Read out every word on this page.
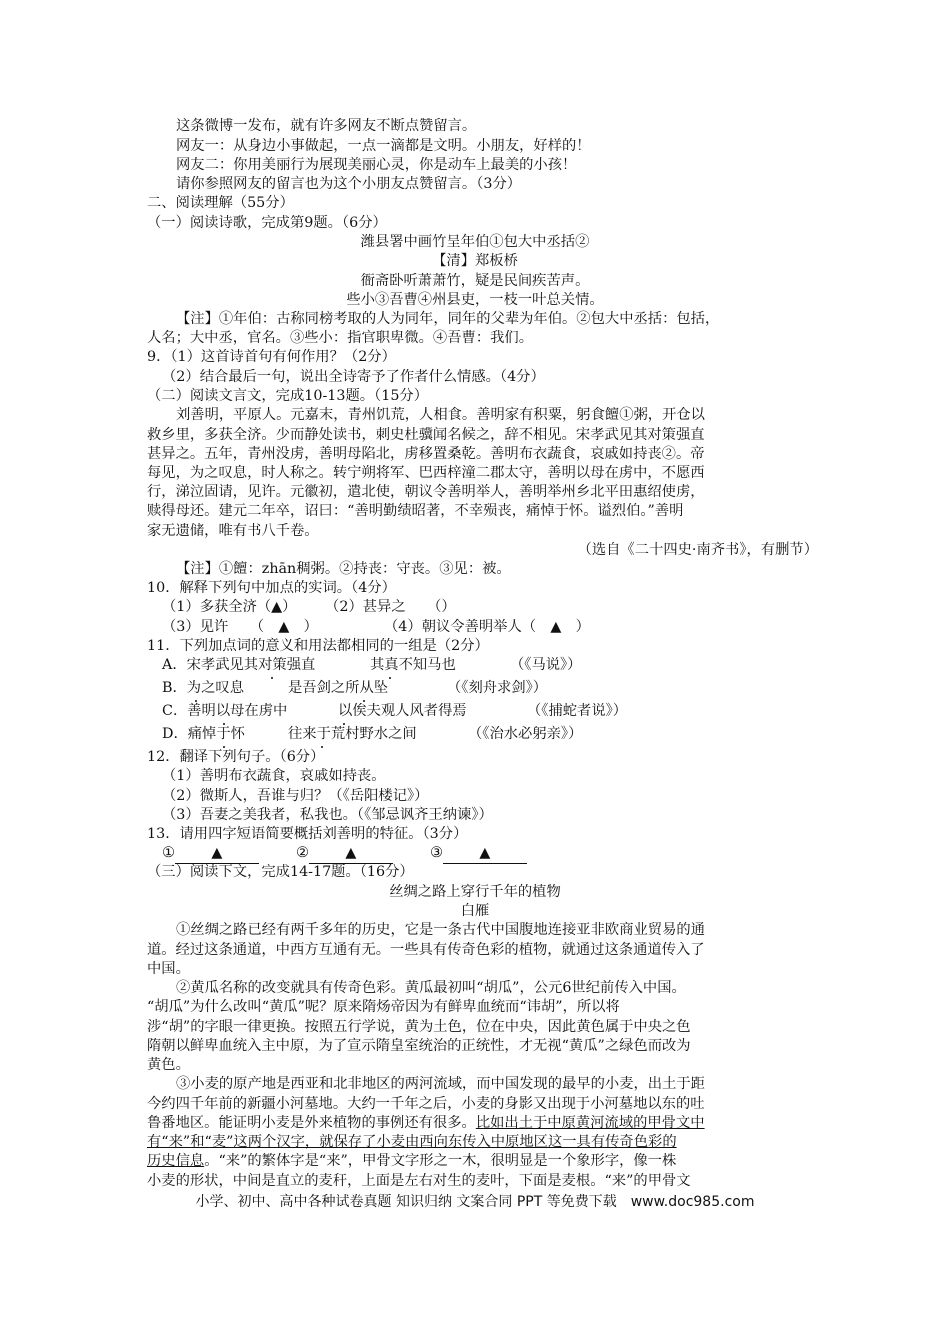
这条微博一发布，就有许多网友不断点赞留言。
网友一：从身边小事做起，一点一滴都是文明。小朋友，好样的！
网友二：你用美丽行为展现美丽心灵，你是动车上最美的小孩！
请你参照网友的留言也为这个小朋友点赞留言。（3分）
二、阅读理解（55分）
（一）阅读诗歌，完成第9题。（6分）
潍县署中画竹呈年伯①包大中丞括②
【清】郑板桥
衙斋卧听萧萧竹，疑是民间疾苦声。
些小③吾曹④州县吏，一枝一叶总关情。
【注】①年伯：古称同榜考取的人为同年，同年的父辈为年伯。②包大中丞括：包括，
人名；大中丞，官名。③些小：指官职卑微。④吾曹：我们。
9．（1）这首诗首句有何作用？（2分）
（2）结合最后一句，说出全诗寄予了作者什么情感。（4分）
（二）阅读文言文，完成10-13题。（15分）
刘善明，平原人。元嘉末，青州饥荒，人相食。善明家有积粟，躬食饘①粥，开仓以
救乡里，多获全济。少而静处读书，刺史杜骥闻名候之，辞不相见。宋孝武见其对策强直
甚异之。五年，青州没虏，善明母陷北，虏移置桑乾。善明布衣蔬食，哀戚如持丧②。帝
每见，为之叹息，时人称之。转宁朔将军、巴西梓潼二郡太守，善明以母在虏中，不愿西
行，涕泣固请，见许。元徽初，遣北使，朝议令善明举人，善明举州乡北平田惠绍使虏，
赎得母还。建元二年卒，诏曰：“善明勤绩昭著，不幸殒丧，痛悼于怀。谥烈伯。”善明
家无遗储，唯有书八千卷。
（选自《二十四史·南齐书》，有删节）
【注】①饘：zhān稠粥。②持丧：守丧。③见：被。
10．解释下列句中加点的实词。（4分）
（1）多获全济（▲）　　　（2）甚异之　　（）
（3）见许　　（　▲　）	（4）朝议令善明举人（　▲　）
11．下列加点词的意义和用法都相同的一组是（2分）
A．宋孝武见其对策强直	其真不知马也	（《马说》）
B．为之叹息	是吾剑之所从坠	（《刻舟求剑》）
C．善明以母在虏中	以俟夫观人风者得焉	（《捕蛇者说》）
D．痛悼于怀	往来于荒村野水之间	（《治水必躬亲》）
12．翻译下列句子。（6分）
（1）善明布衣蔬食，哀戚如持丧。
（2）微斯人，吾谁与归？（《岳阳楼记》）
（3）吾妻之美我者，私我也。（《邹忌讽齐王纳谏》）
13．请用四字短语简要概括刘善明的特征。（3分）
①	▲	②	▲	③	▲
（三）阅读下文，完成14-17题。（16分）
丝绸之路上穿行千年的植物
白雁
①丝绸之路已经有两千多年的历史，它是一条古代中国腹地连接亚非欧商业贸易的通
道。经过这条通道，中西方互通有无。一些具有传奇色彩的植物，就通过这条通道传入了
中国。
②黄瓜名称的改变就具有传奇色彩。黄瓜最初叫“胡瓜”，公元6世纪前传入中国。
“胡瓜”为什么改叫“黄瓜”呢？原来隋炀帝因为有鲜卑血统而“讳胡”，所以将
涉“胡”的字眼一律更换。按照五行学说，黄为土色，位在中央，因此黄色属于中央之色
隋朝以鲜卑血统入主中原，为了宣示隋皇室统治的正统性，才无视“黄瓜”之绿色而改为
黄色。
③小麦的原产地是西亚和北非地区的两河流域，而中国发现的最早的小麦，出土于距
今约四千年前的新疆小河墓地。大约一千年之后，小麦的身影又出现于小河墓地以东的吐
鲁番地区。能证明小麦是外来植物的事例还有很多。比如出土于中原黄河流域的甲骨文中
有“来”和“麦”这两个汉字，就保存了小麦由西向东传入中原地区这一具有传奇色彩的
历史信息。“来”的繁体字是“来”，甲骨文字形之一木，很明显是一个象形字，像一株
小麦的形状，中间是直立的麦秆，上面是左右对生的麦叶，下面是麦根。“来”的甲骨文
小学、初中、高中各种试卷真题 知识归纳 文案合同 PPT 等免费下载　www.doc985.com
